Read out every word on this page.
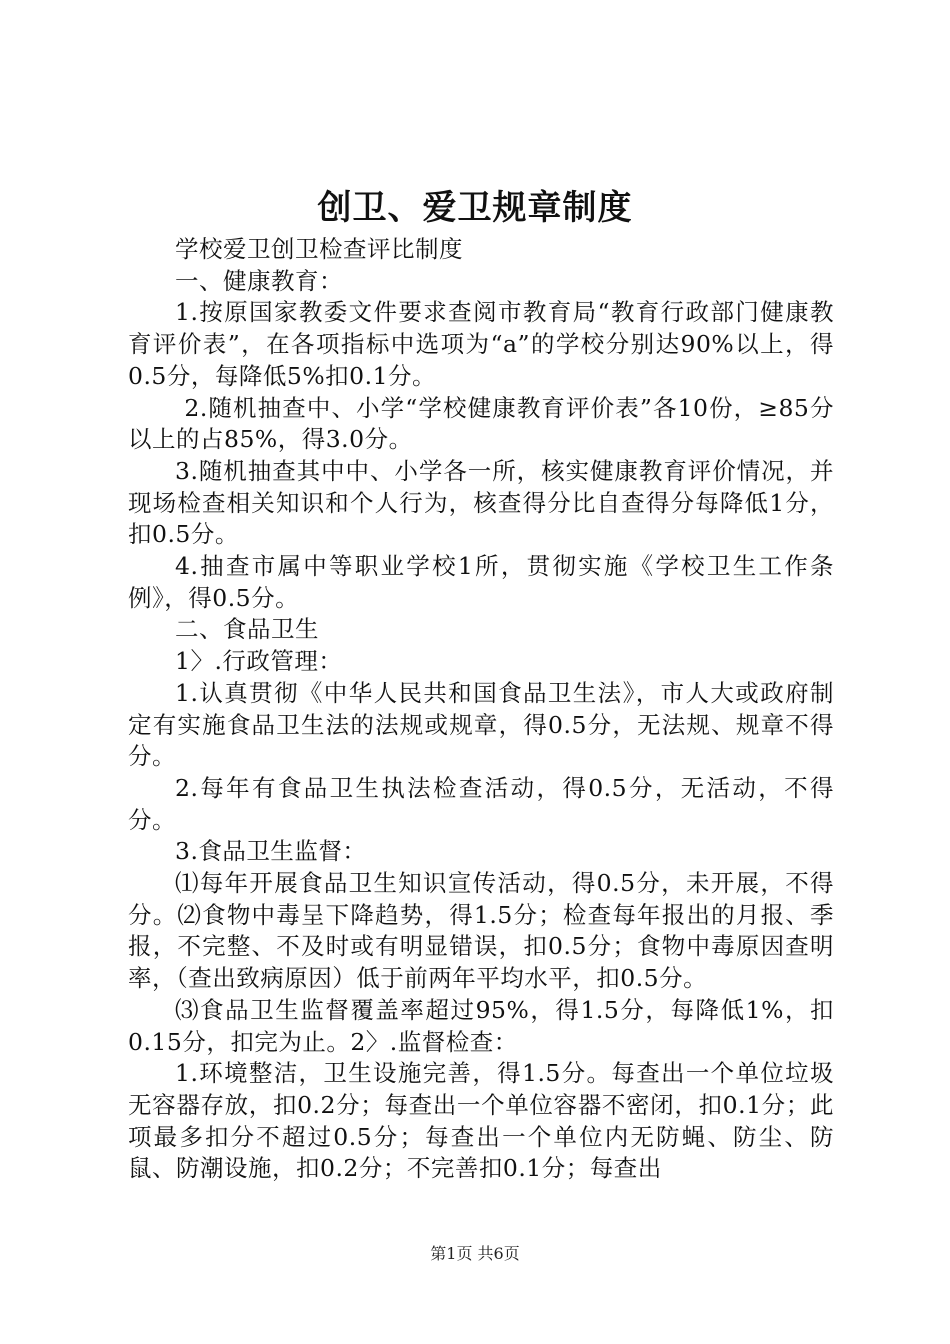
创卫、爱卫规章制度

学校爱卫创卫检查评比制度

一、健康教育：

1.按原国家教委文件要求查阅市教育局“教育行政部门健康教育评价表”，在各项指标中选项为“a”的学校分别达90%以上，得0.5分，每降低5%扣0.1分。

2.随机抽查中、小学“学校健康教育评价表”各10份，≥85分以上的占85%，得3.0分。

3.随机抽查其中中、小学各一所，核实健康教育评价情况，并现场检查相关知识和个人行为，核查得分比自查得分每降低1分，扣0.5分。

4.抽查市属中等职业学校1所，贯彻实施《学校卫生工作条例》，得0.5分。

二、食品卫生

1〉.行政管理：

1.认真贯彻《中华人民共和国食品卫生法》，市人大或政府制定有实施食品卫生法的法规或规章，得0.5分，无法规、规章不得分。

2.每年有食品卫生执法检查活动，得0.5分，无活动，不得分。

3.食品卫生监督：

⑴每年开展食品卫生知识宣传活动，得0.5分，未开展，不得分。⑵食物中毒呈下降趋势，得1.5分；检查每年报出的月报、季报，不完整、不及时或有明显错误，扣0.5分；食物中毒原因查明率，（查出致病原因）低于前两年平均水平，扣0.5分。

⑶食品卫生监督覆盖率超过95%，得1.5分，每降低1%，扣0.15分，扣完为止。2〉.监督检查：

1.环境整洁，卫生设施完善，得1.5分。每查出一个单位垃圾无容器存放，扣0.2分；每查出一个单位容器不密闭，扣0.1分；此项最多扣分不超过0.5分；每查出一个单位内无防蝇、防尘、防鼠、防潮设施，扣0.2分；不完善扣0.1分；每查出

第1页 共6页
